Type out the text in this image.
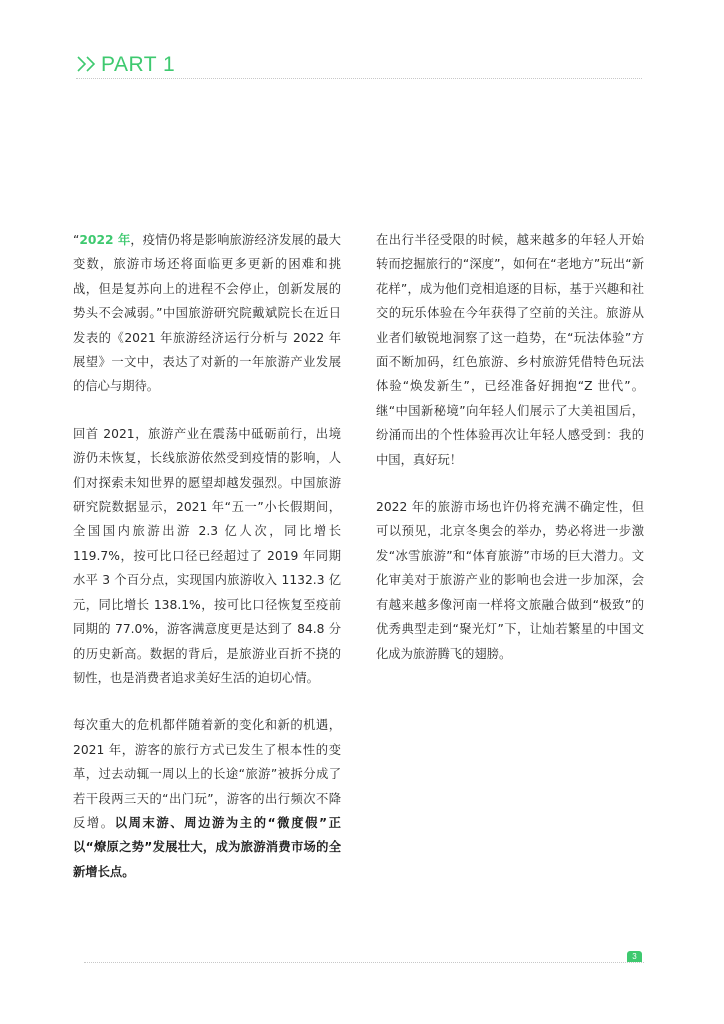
PART 1

“2022 年，疫情仍将是影响旅游经济发展的最大变数，旅游市场还将面临更多更新的困难和挑战，但是复苏向上的进程不会停止，创新发展的势头不会减弱。”中国旅游研究院戴斌院长在近日发表的《2021 年旅游经济运行分析与 2022 年展望》一文中，表达了对新的一年旅游产业发展的信心与期待。

回首 2021，旅游产业在震荡中砥砺前行，出境游仍未恢复，长线旅游依然受到疫情的影响，人们对探索未知世界的愿望却越发强烈。中国旅游研究院数据显示，2021 年“五一”小长假期间，全国国内旅游出游 2.3 亿人次，同比增长 119.7%，按可比口径已经超过了 2019 年同期水平 3 个百分点，实现国内旅游收入 1132.3 亿元，同比增长 138.1%，按可比口径恢复至疫前同期的 77.0%，游客满意度更是达到了 84.8 分的历史新高。数据的背后，是旅游业百折不挠的韧性，也是消费者追求美好生活的迫切心情。

每次重大的危机都伴随着新的变化和新的机遇，2021 年，游客的旅行方式已发生了根本性的变革，过去动辄一周以上的长途“旅游”被拆分成了若干段两三天的“出门玩”，游客的出行频次不降反增。以周末游、周边游为主的“微度假”正以“燎原之势”发展壮大，成为旅游消费市场的全新增长点。

在出行半径受限的时候，越来越多的年轻人开始转而挖掘旅行的“深度”，如何在“老地方”玩出“新花样”，成为他们竞相追逐的目标，基于兴趣和社交的玩乐体验在今年获得了空前的关注。旅游从业者们敏锐地洞察了这一趋势，在“玩法体验”方面不断加码，红色旅游、乡村旅游凭借特色玩法体验“焕发新生”，已经准备好拥抱“Z 世代”。继“中国新秘境”向年轻人们展示了大美祖国后，纷涌而出的个性体验再次让年轻人感受到：我的中国，真好玩！

2022 年的旅游市场也许仍将充满不确定性，但可以预见，北京冬奥会的举办，势必将进一步激发“冰雪旅游”和“体育旅游”市场的巨大潜力。文化审美对于旅游产业的影响也会进一步加深，会有越来越多像河南一样将文旅融合做到“极致”的优秀典型走到“聚光灯”下，让灿若繁星的中国文化成为旅游腾飞的翅膀。

3
